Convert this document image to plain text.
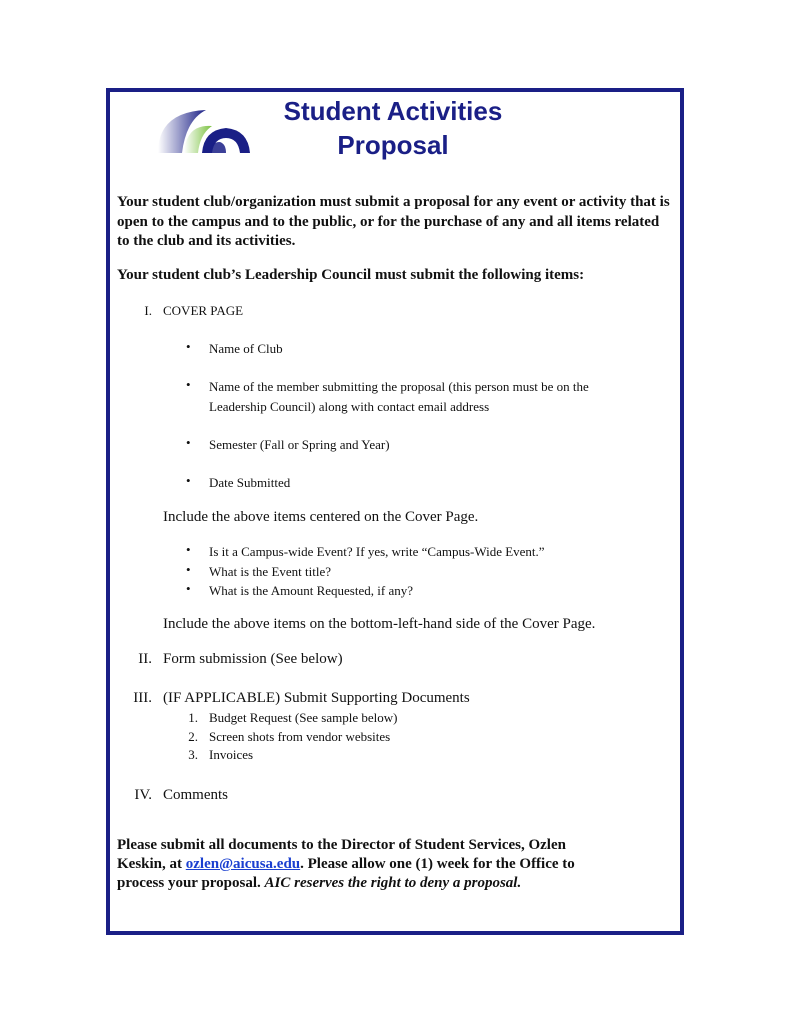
Student Activities
Proposal
Your student club/organization must submit a proposal for any event or activity that is open to the campus and to the public, or for the purchase of any and all items related to the club and its activities.
Your student club’s Leadership Council must submit the following items:
I. COVER PAGE
• Name of Club
• Name of the member submitting the proposal (this person must be on the
Leadership Council) along with contact email address
• Semester (Fall or Spring and Year)
• Date Submitted
Include the above items centered on the Cover Page.
• Is it a Campus-wide Event? If yes, write “Campus-Wide Event.”
• What is the Event title?
• What is the Amount Requested, if any?
Include the above items on the bottom-left-hand side of the Cover Page.
II. Form submission (See below)
III. (IF APPLICABLE) Submit Supporting Documents
1. Budget Request (See sample below)
2. Screen shots from vendor websites
3. Invoices
IV. Comments
Please submit all documents to the Director of Student Services, Ozlen
Keskin, at ozlen@aicusa.edu. Please allow one (1) week for the Office to
process your proposal. AIC reserves the right to deny a proposal.
